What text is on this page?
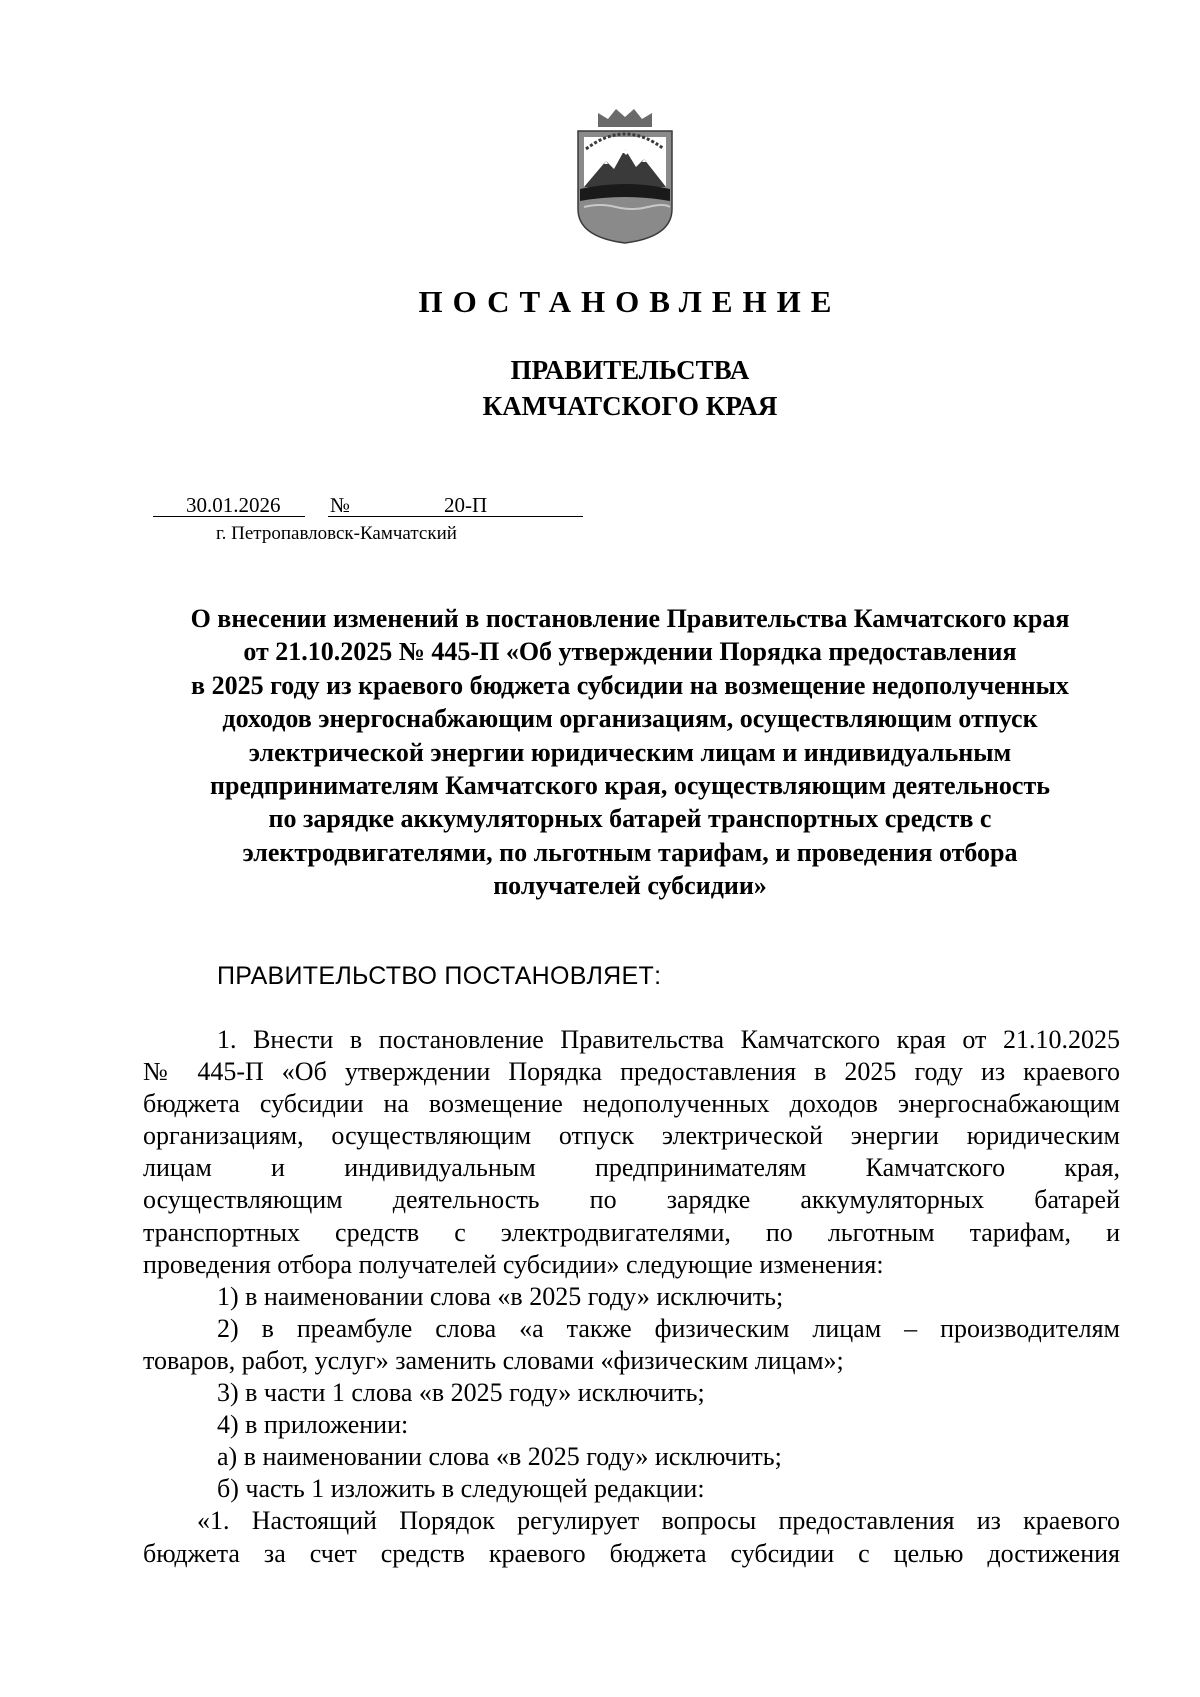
ПОСТАНОВЛЕНИЕ
ПРАВИТЕЛЬСТВА
КАМЧАТСКОГО КРАЯ
30.01.2026 №	20-П
г. Петропавловск-Камчатский
О внесении изменений в постановление Правительства Камчатского края
от 21.10.2025 № 445-П «Об утверждении Порядка предоставления
в 2025 году из краевого бюджета субсидии на возмещение недополученных
доходов энергоснабжающим организациям, осуществляющим отпуск
электрической энергии юридическим лицам и индивидуальным
предпринимателям Камчатского края, осуществляющим деятельность
по зарядке аккумуляторных батарей транспортных средств с
электродвигателями, по льготным тарифам, и проведения отбора
получателей субсидии»
ПРАВИТЕЛЬСТВО ПОСТАНОВЛЯЕТ:
1. Внести в постановление Правительства Камчатского края от 21.10.2025
№ 445-П «Об утверждении Порядка предоставления в 2025 году из краевого
бюджета субсидии на возмещение недополученных доходов энергоснабжающим
организациям, осуществляющим отпуск электрической энергии юридическим
лицам и индивидуальным предпринимателям Камчатского края,
осуществляющим деятельность по зарядке аккумуляторных батарей
транспортных средств с электродвигателями, по льготным тарифам, и
проведения отбора получателей субсидии» следующие изменения:
1) в наименовании слова «в 2025 году» исключить;
2) в преамбуле слова «а также физическим лицам – производителям
товаров, работ, услуг» заменить словами «физическим лицам»;
3) в части 1 слова «в 2025 году» исключить;
4) в приложении:
а) в наименовании слова «в 2025 году» исключить;
б) часть 1 изложить в следующей редакции:
«1. Настоящий Порядок регулирует вопросы предоставления из краевого
бюджета за счет средств краевого бюджета субсидии с целью достижения
